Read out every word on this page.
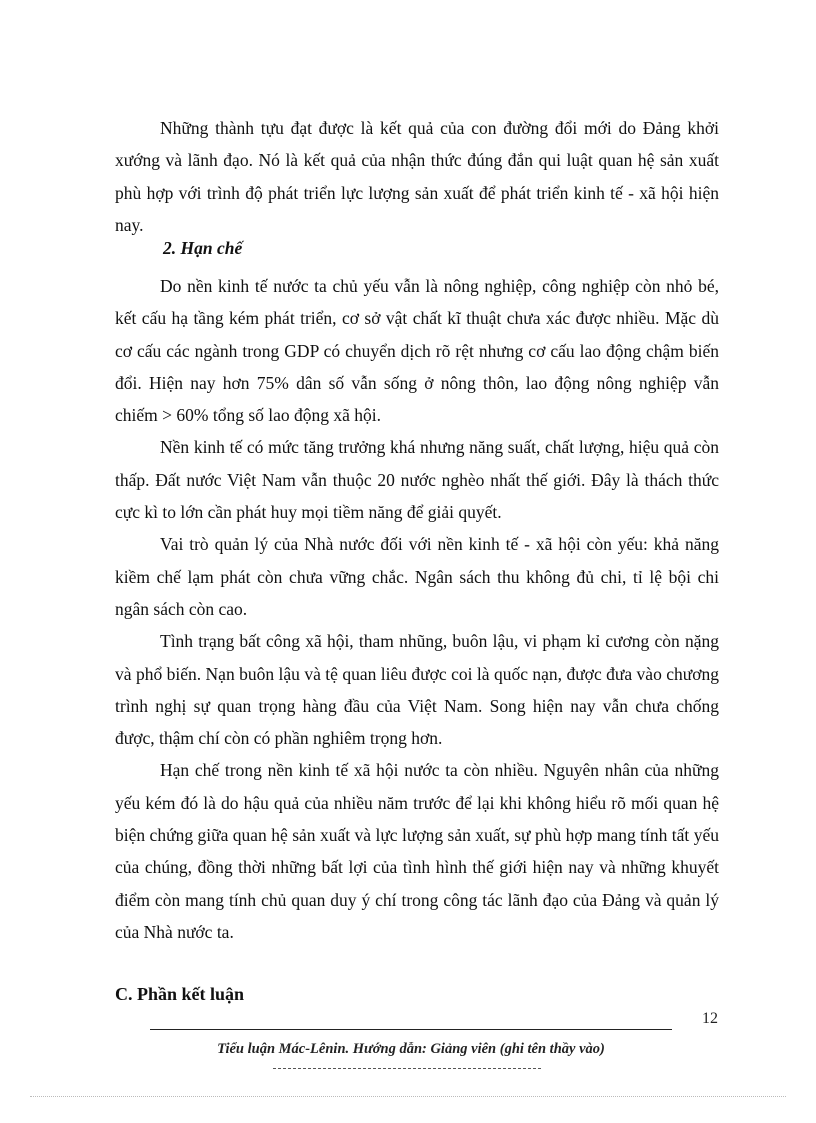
Những thành tựu đạt được là kết quả của con đường đổi mới do Đảng khởi xướng và lãnh đạo. Nó là kết quả của nhận thức đúng đắn qui luật quan hệ sản xuất phù hợp với trình độ phát triển lực lượng sản xuất để phát triển kinh tế - xã hội hiện nay.

2. Hạn chế

Do nền kinh tế nước ta chủ yếu vẫn là nông nghiệp, công nghiệp còn nhỏ bé, kết cấu hạ tầng kém phát triển, cơ sở vật chất kĩ thuật chưa xác được nhiều. Mặc dù cơ cấu các ngành trong GDP có chuyển dịch rõ rệt nhưng cơ cấu lao động chậm biến đổi. Hiện nay hơn 75% dân số vẫn sống ở nông thôn, lao động nông nghiệp vẫn chiếm > 60% tổng số lao động xã hội.

Nền kinh tế có mức tăng trưởng khá nhưng năng suất, chất lượng, hiệu quả còn thấp. Đất nước Việt Nam vẫn thuộc 20 nước nghèo nhất thế giới. Đây là thách thức cực kì to lớn cần phát huy mọi tiềm năng để giải quyết.

Vai trò quản lý của Nhà nước đối với nền kinh tế - xã hội còn yếu: khả năng kiềm chế lạm phát còn chưa vững chắc. Ngân sách thu không đủ chi, tỉ lệ bội chi ngân sách còn cao.

Tình trạng bất công xã hội, tham nhũng, buôn lậu, vi phạm kỉ cương còn nặng và phổ biến. Nạn buôn lậu và tệ quan liêu được coi là quốc nạn, được đưa vào chương trình nghị sự quan trọng hàng đầu của Việt Nam. Song hiện nay vẫn chưa chống được, thậm chí còn có phần nghiêm trọng hơn.

Hạn chế trong nền kinh tế xã hội nước ta còn nhiều. Nguyên nhân của những yếu kém đó là do hậu quả của nhiều năm trước để lại khi không hiểu rõ mối quan hệ biện chứng giữa quan hệ sản xuất và lực lượng sản xuất, sự phù hợp mang tính tất yếu của chúng, đồng thời những bất lợi của tình hình thế giới hiện nay và những khuyết điểm còn mang tính chủ quan duy ý chí trong công tác lãnh đạo của Đảng và quản lý của Nhà nước ta.

C. Phần kết luận
12
Tiểu luận Mác-Lênin. Hướng dẫn: Giảng viên (ghi tên thầy vào)
